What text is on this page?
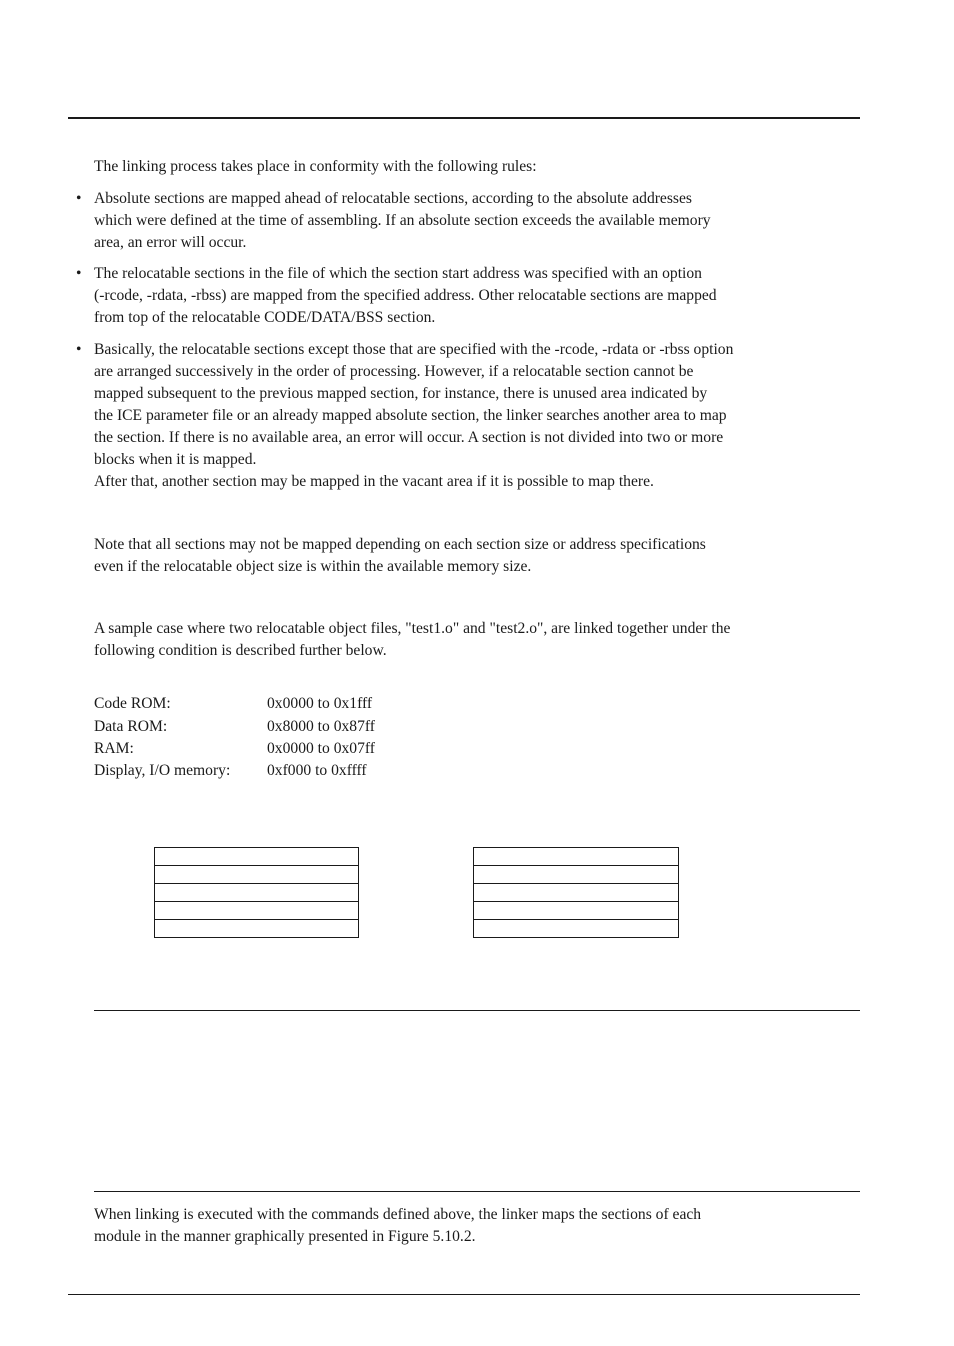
The linking process takes place in conformity with the following rules:
• Absolute sections are mapped ahead of relocatable sections, according to the absolute addresses
which were defined at the time of assembling. If an absolute section exceeds the available memory
area, an error will occur.
• The relocatable sections in the file of which the section start address was specified with an option
(-rcode, -rdata, -rbss) are mapped from the specified address. Other relocatable sections are mapped
from top of the relocatable CODE/DATA/BSS section.
• Basically, the relocatable sections except those that are specified with the -rcode, -rdata or -rbss option
are arranged successively in the order of processing. However, if a relocatable section cannot be
mapped subsequent to the previous mapped section, for instance, there is unused area indicated by
the ICE parameter file or an already mapped absolute section, the linker searches another area to map
the section. If there is no available area, an error will occur. A section is not divided into two or more
blocks when it is mapped.
After that, another section may be mapped in the vacant area if it is possible to map there.
Note that all sections may not be mapped depending on each section size or address specifications
even if the relocatable object size is within the available memory size.
A sample case where two relocatable object files, "test1.o" and "test2.o", are linked together under the
following condition is described further below.
Code ROM:	0x0000 to 0x1fff
Data ROM:	0x8000 to 0x87ff
RAM:	0x0000 to 0x07ff
Display, I/O memory: 0xf000 to 0xffff
When linking is executed with the commands defined above, the linker maps the sections of each
module in the manner graphically presented in Figure 5.10.2.
